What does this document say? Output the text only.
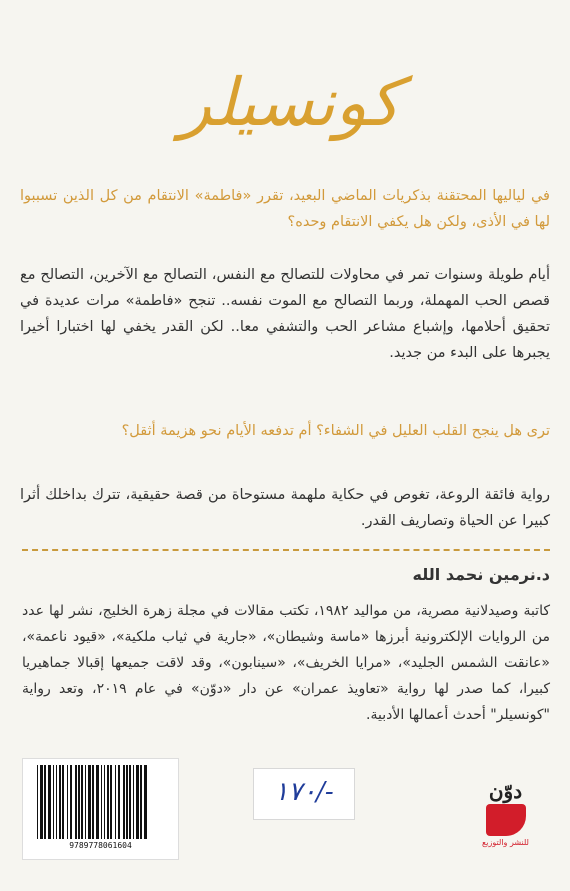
كونسيلر

في لياليها المحتقنة بذكريات الماضي البعيد، تقرر «فاطمة» الانتقام من كل الذين تسببوا لها في الأذى، ولكن هل يكفي الانتقام وحده؟

أيام طويلة وسنوات تمر في محاولات للتصالح مع النفس، التصالح مع الآخرين، التصالح مع قصص الحب المهملة، وربما التصالح مع الموت نفسه.. تنجح «فاطمة» مرات عديدة في تحقيق أحلامها، وإشباع مشاعر الحب والتشفي معا.. لكن القدر يخفي لها اختبارا أخيرا يجبرها على البدء من جديد.

ترى هل ينجح القلب العليل في الشفاء؟ أم تدفعه الأيام نحو هزيمة أثقل؟

رواية فائقة الروعة، تغوص في حكاية ملهمة مستوحاة من قصة حقيقية، تترك بداخلك أثرا كبيرا عن الحياة وتصاريف القدر.

د.نرمين نحمد الله

كاتبة وصيدلانية مصرية، من مواليد ١٩٨٢، تكتب مقالات في مجلة زهرة الخليج، نشر لها عدد من الروايات الإلكترونية أبرزها «ماسة وشيطان»، «جارية في ثياب ملكية»، «قيود ناعمة»، «عانقت الشمس الجليد»، «مرايا الخريف»، «سينابون»، وقد لاقت جميعها إقبالا جماهيريا كبيرا، كما صدر لها رواية «تعاويذ عمران» عن دار «دوّن» في عام ٢٠١٩، وتعد رواية "كونسيلر" أحدث أعمالها الأدبية.

9789778061604
١٧٠/-	دوّن
للنشر والتوزيع
